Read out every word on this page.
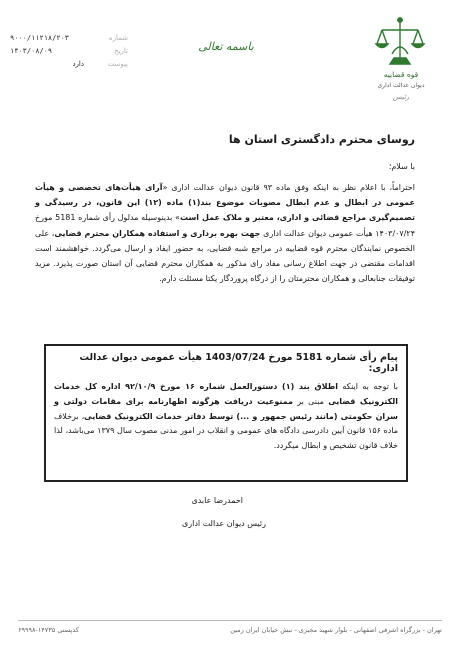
شماره
۹۰۰۰/۱۱۲۱۸/۲۰۳
تاریخ
۱۴۰۳/۰۸/۰۹
پیوست
دارد
باسمه تعالی
قوه قضاییه
دیوان عدالت اداری
رئیس
روسای محترم دادگستری استان ها
با سلام؛
احتراماً، با اعلام نظر به اینکه وفق ماده ۹۳ قانون دیوان عدالت اداری «آرای هیأت‌های تخصصی و هیأت عمومی در ابطال و عدم ابطال مصوبات موضوع بند(۱) ماده (۱۲) این قانون، در رسیدگی و تصمیم‌گیری مراجع قضائی و اداری، معتبر و ملاک عمل است» بدینوسیله مدلول رأی شماره 5181 مورخ ۱۴۰۳/۰۷/۲۴ هیأت عمومی دیوان عدالت اداری جهت بهره برداری و استفاده همکاران محترم قضایی، علی الخصوص نمایندگان محترم قوه قضاییه در مراجع شبه قضایی، به حضور ایفاد و ارسال می‌گردد. خواهشمند است اقدامات مقتضی در جهت اطلاع رسانی مفاد رای مذکور به همکاران محترم قضایی آن استان صورت پذیرد. مزید توفیقات جنابعالی و همکاران محترمتان را از درگاه پروردگار یکتا مسئلت دارم.
پیام رأی شماره 5181 مورخ 1403/07/24 هیأت عمومی دیوان عدالت اداری:
با توجه به اینکه اطلاق بند (۱) دستورالعمل شماره ۱۶ مورخ ۹۲/۱۰/۹ اداره کل خدمات الکترونیک قضایی مبنی بر ممنوعیت دریافت هرگونه اظهارنامه برای مقامات دولتی و سران حکومتی (مانند رئیس جمهور و ...) توسط دفاتر خدمات الکترونیک قضایی، برخلاف ماده ۱۵۶ قانون آیین دادرسی دادگاه های عمومی و انقلاب در امور مدنی مصوب سال ۱۳۷۹ می‌باشد، لذا خلاف قانون تشخیص و ابطال میگردد.
احمدرضا عابدی
رئیس دیوان عدالت اداری
تهران - بزرگراه اشرفی اصفهانی - بلوار شهید مخبری - نبش خیابان ایران زمین
کدپستی ۱۴۷۳۵-۶۹۹۹۸
